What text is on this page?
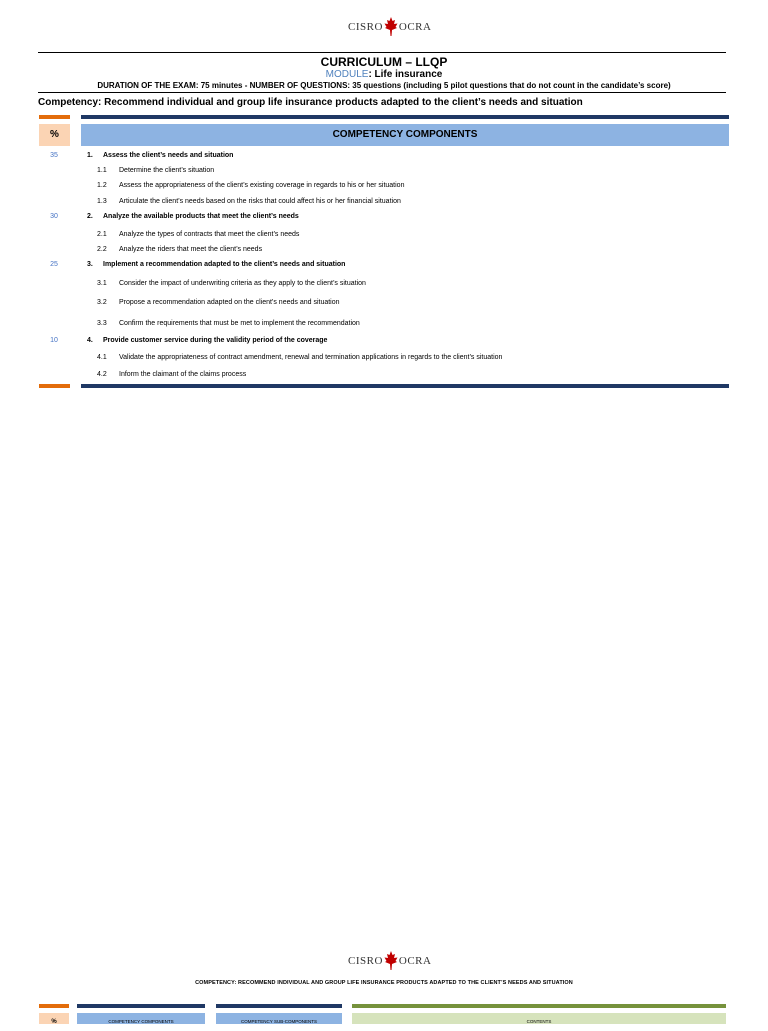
CISRO OCRA
CURRICULUM – LLQP
MODULE: Life insurance
DURATION OF THE EXAM: 75 minutes - NUMBER OF QUESTIONS: 35 questions (including 5 pilot questions that do not count in the candidate’s score)
Competency: Recommend individual and group life insurance products adapted to the client’s needs and situation
%	COMPETENCY COMPONENTS
35	1. Assess the client’s needs and situation
1.1 Determine the client’s situation
1.2 Assess the appropriateness of the client’s existing coverage in regards to his or her situation
1.3 Articulate the client’s needs based on the risks that could affect his or her financial situation
30	2. Analyze the available products that meet the client’s needs
2.1 Analyze the types of contracts that meet the client’s needs
2.2 Analyze the riders that meet the client’s needs
25	3. Implement a recommendation adapted to the client’s needs and situation
3.1 Consider the impact of underwriting criteria as they apply to the client’s situation
3.2 Propose a recommendation adapted on the client’s needs and situation
3.3 Confirm the requirements that must be met to implement the recommendation
10	4. Provide customer service during the validity period of the coverage
4.1 Validate the appropriateness of contract amendment, renewal and termination applications in regards to the client’s situation
4.2 Inform the claimant of the claims process
CISRO OCRA
COMPETENCY: RECOMMEND INDIVIDUAL AND GROUP LIFE INSURANCE PRODUCTS ADAPTED TO THE CLIENT’S NEEDS AND SITUATION
%	COMPETENCY COMPONENTS	COMPETENCY SUB-COMPONENTS	CONTENTS
